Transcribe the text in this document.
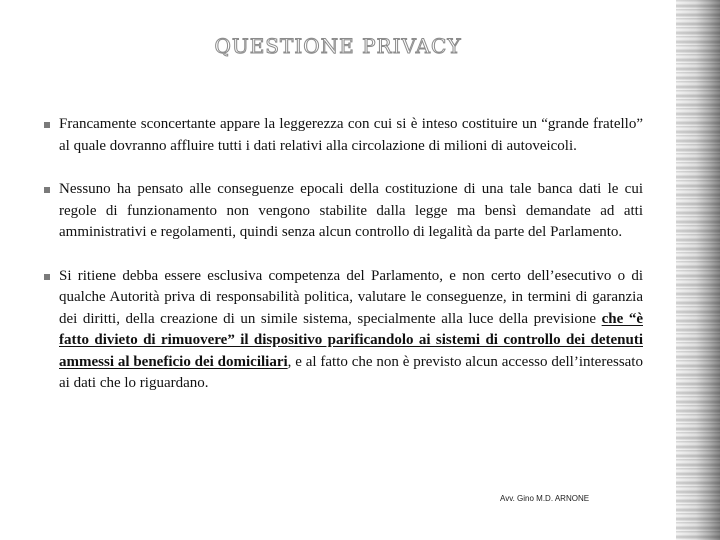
QUESTIONE PRIVACY
Francamente sconcertante appare la leggerezza con cui si è inteso costituire un “grande fratello” al quale dovranno affluire tutti i dati relativi alla circolazione di milioni di autoveicoli.
Nessuno ha pensato alle conseguenze epocali della costituzione di una tale banca dati le cui regole di funzionamento non vengono stabilite dalla legge ma bensì demandate ad atti amministrativi e regolamenti, quindi senza alcun controllo di legalità da parte del Parlamento.
Si ritiene debba essere esclusiva competenza del Parlamento, e non certo dell’esecutivo o di qualche Autorità priva di responsabilità politica, valutare le conseguenze, in termini di garanzia dei diritti, della creazione di un simile sistema, specialmente alla luce della previsione che “è fatto divieto di rimuovere” il dispositivo parificandolo ai sistemi di controllo dei detenuti ammessi al beneficio dei domiciliari, e al fatto che non è previsto alcun accesso dell’interessato ai dati che lo riguardano.
Avv. Gino M.D. ARNONE
